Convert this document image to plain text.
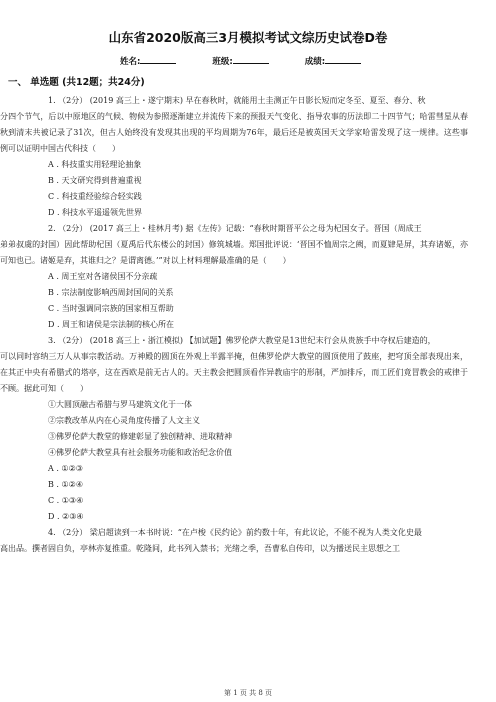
山东省2020版高三3月模拟考试文综历史试卷D卷
姓名:	班级:	成绩:
一、 单选题 (共12题；共24分)

1. （2分） (2019 高三上・遂宁期末) 早在春秋时，就能用土圭测正午日影长短而定冬至、夏至、春分、秋

分四个节气，后以中原地区的气候、物候为参照逐渐建立并流传下来的预报天气变化、指导农事的历法即二十四节气；哈雷彗星从春秋到清末共被记录了31次，但古人始终没有发现其出现的平均周期为76年，最后还是被英国天文学家哈雷发现了这一规律。这些事例可以证明中国古代科技（　　）

A . 科技重实用轻理论抽象

B . 天文研究得到普遍重视

C . 科技重经验综合轻实践

D . 科技水平遥遥领先世界

2. （2分） (2017 高三上・桂林月考) 据《左传》记载：“春秋时期晋平公之母为杞国女子。晋国（周成王

弟弟叔虞的封国）因此帮助杞国（夏禹后代东楼公的封国）修筑城墙。郑国批评说：‘晋国不恤周宗之阙，而夏肄是屏，其弃诸姬，亦可知也已。诸姬是弃，其谁归之？是谓离德。’”对以上材料理解最准确的是（　　）

A . 周王室对各诸侯国不分亲疏

B . 宗法制度影响西周封国间的关系

C . 当时强调同宗族的国家相互帮助

D . 周王和诸侯是宗法制的核心所在

3. （2分） (2018 高三上・浙江模拟) 【加试题】佛罗伦萨大教堂是13世纪末行会从贵族手中夺权后建造的，

可以同时容纳三万人从事宗教活动。万神殿的圆顶在外观上半露半掩，但佛罗伦萨大教堂的圆顶使用了鼓座，把穹顶全部表现出来，在其正中央有希腊式的塔亭，这在西欧是前无古人的。天主教会把圆顶看作异教庙宇的形制，严加排斥，而工匠们竟冒教会的戒律于不顾。据此可知（　　）

①大圆顶融古希腊与罗马建筑文化于一体

②宗教改革从内在心灵角度传播了人文主义

③佛罗伦萨大教堂的修建彰显了独创精神、进取精神

④佛罗伦萨大教堂具有社会服务功能和政治纪念价值

A . ①②③

B . ①②④

C . ①③④

D . ②③④

4. （2分） 梁启超读到一本书时说：“在卢梭《民约论》前约数十年，有此议论，不能不视为人类文化史最

高出品。撰者固自负，亭林亦复推重。乾隆间，此书列入禁书；光绪之季，吾曹私自传印，以为播送民主思想之工

第 1 页 共 8 页
